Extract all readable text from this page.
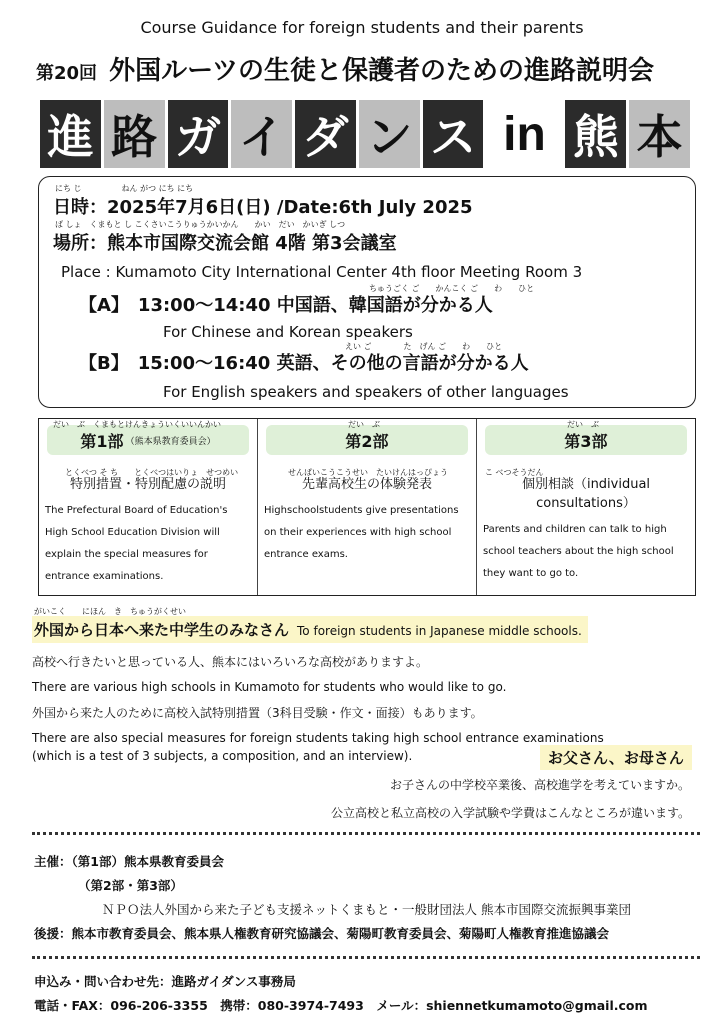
Course Guidance for foreign students and their parents
第20回 外国ルーツの生徒と保護者のための進路説明会
進 路 ガ イ ダ ン ス in 熊 本
にち じ　　　　　ねん がつ にち にち
日時：2025年7月6日(日) /Date:6th July 2025
ば しょ　くまもと し こくさいこうりゅうかいかん　　かい　だい　かいぎ しつ
場所：熊本市国際交流会館 4階 第3会議室
Place : Kumamoto City International Center 4th floor Meeting Room 3
ちゅうごく ご　　かんこく ご　　わ　　ひと
【A】　13:00～14:40 中国語、韓国語が分かる人
For Chinese and Korean speakers
えい ご　　　　た　げん ご　　わ　　ひと
【B】　15:00～16:40 英語、その他の言語が分かる人
For English speakers and speakers of other languages
だい　ぶ　くまもとけんきょういくいいんかい
第1部 （熊本県教育委員会）
とくべつ そ ち　　とくべつはいりょ　せつめい
特別措置・特別配慮の説明
The Prefectural Board of Education's High School Education Division will explain the special measures for entrance examinations.
だい　ぶ
第2部
せんぱいこうこうせい　たいけんはっぴょう
先輩高校生の体験発表
Highschoolstudents give presentations on their experiences with high school entrance exams.
だい　ぶ
第3部
こ べつそうだん
個別相談（individual consultations）
Parents and children can talk to high school teachers about the high school they want to go to.
がいこく　　にほん　き　ちゅうがくせい
外国から日本へ来た中学生のみなさん To foreign students in Japanese middle schools.
高校へ行きたいと思っている人、熊本にはいろいろな高校がありますよ。
There are various high schools in Kumamoto for students who would like to go.
外国から来た人のために高校入試特別措置（3科目受験・作文・面接）もあります。
There are also special measures for foreign students taking high school entrance examinations
(which is a test of 3 subjects, a composition, and an interview).	お父さん、お母さん
お子さんの中学校卒業後、高校進学を考えていますか。
公立高校と私立高校の入学試験や学費はこんなところが違います。
主催：（第1部）熊本県教育委員会
（第2部・第3部）
ＮＰＯ法人外国から来た子ども支援ネットくまもと・一般財団法人 熊本市国際交流振興事業団
後援：熊本市教育委員会、熊本県人権教育研究協議会、菊陽町教育委員会、菊陽町人権教育推進協議会
申込み・問い合わせ先：進路ガイダンス事務局
電話・FAX：096-206-3355　携帯：080-3974-7493　メール：shiennetkumamoto@gmail.com
